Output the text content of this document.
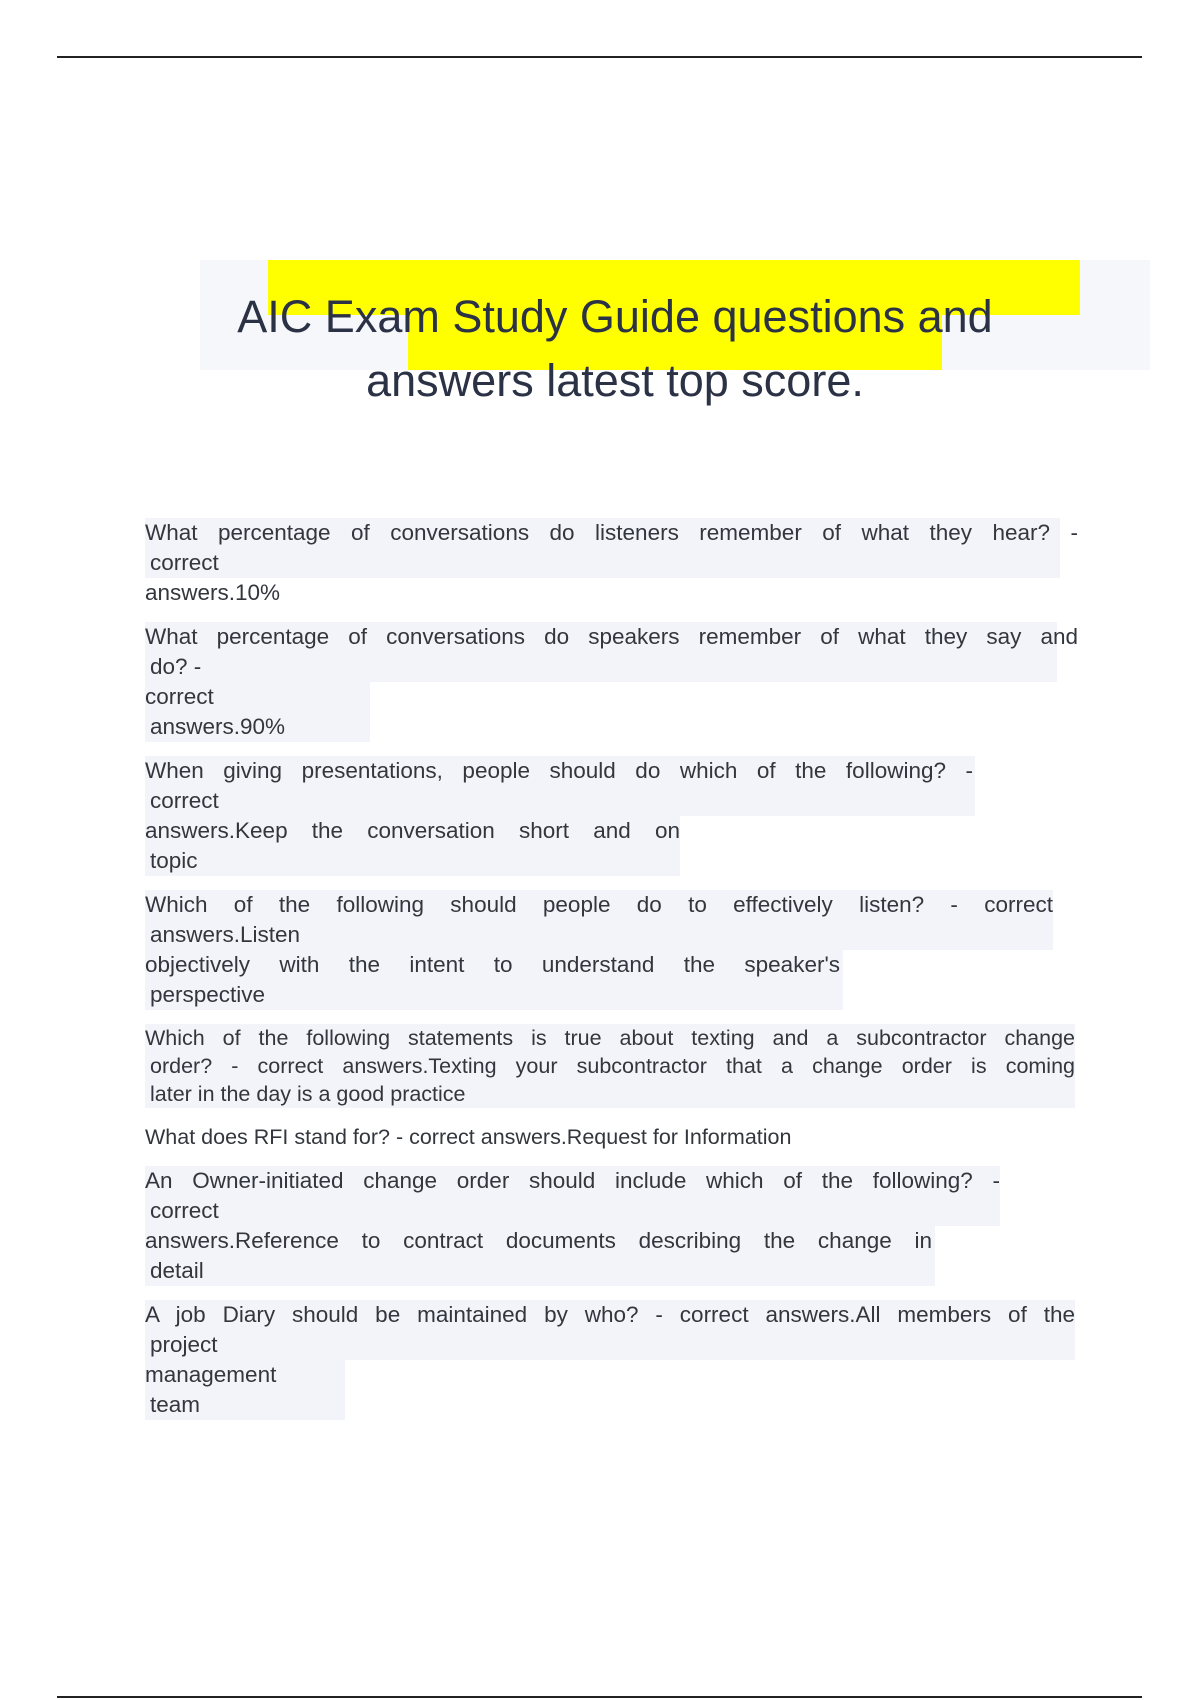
AIC Exam Study Guide questions and
answers latest top score.

What percentage of conversations do listeners remember of what they hear? -
correct
answers.10%

What percentage of conversations do speakers remember of what they say and
do? -
correct
answers.90%

When giving presentations, people should do which of the following? -
correct
answers.Keep the conversation short and on
topic

Which of the following should people do to effectively listen? - correct
answers.Listen
objectively with the intent to understand the speaker's
perspective

Which of the following statements is true about texting and a subcontractor change
order? - correct answers.Texting your subcontractor that a change order is coming
later in the day is a good practice

What does RFI stand for? - correct answers.Request for Information

An Owner-initiated change order should include which of the following? -
correct
answers.Reference to contract documents describing the change in
detail

A job Diary should be maintained by who? - correct answers.All members of the
project
management
team
